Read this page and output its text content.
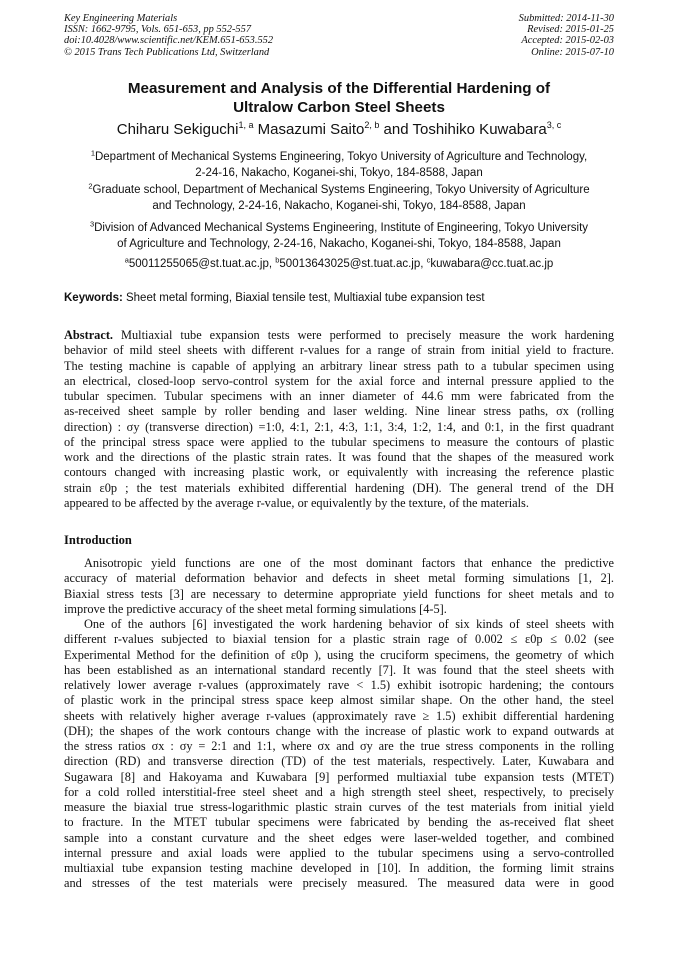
Key Engineering Materials
ISSN: 1662-9795, Vols. 651-653, pp 552-557
doi:10.4028/www.scientific.net/KEM.651-653.552
© 2015 Trans Tech Publications Ltd, Switzerland
Submitted: 2014-11-30
Revised: 2015-01-25
Accepted: 2015-02-03
Online: 2015-07-10
Measurement and Analysis of the Differential Hardening of
Ultralow Carbon Steel Sheets
Chiharu Sekiguchi$^{1, a}$ Masazumi Saito$^{2, b}$ and Toshihiko Kuwabara$^{3, c}$
$^1$Department of Mechanical Systems Engineering, Tokyo University of Agriculture and Technology,
2-24-16, Nakacho, Koganei-shi, Tokyo, 184-8588, Japan
$^2$Graduate school, Department of Mechanical Systems Engineering, Tokyo University of Agriculture
and Technology, 2-24-16, Nakacho, Koganei-shi, Tokyo, 184-8588, Japan
$^3$Division of Advanced Mechanical Systems Engineering, Institute of Engineering, Tokyo University
of Agriculture and Technology, 2-24-16, Nakacho, Koganei-shi, Tokyo, 184-8588, Japan
$^a$50011255065@st.tuat.ac.jp, $^b$50013643025@st.tuat.ac.jp, $^c$kuwabara@cc.tuat.ac.jp
Keywords: Sheet metal forming, Biaxial tensile test, Multiaxial tube expansion test
Abstract. Multiaxial tube expansion tests were performed to precisely measure the work hardening
behavior of mild steel sheets with different r-values for a range of strain from initial yield to fracture.
The testing machine is capable of applying an arbitrary linear stress path to a tubular specimen using
an electrical, closed-loop servo-control system for the axial force and internal pressure applied to the
tubular specimen. Tubular specimens with an inner diameter of 44.6 mm were fabricated from the
as-received sheet sample by roller bending and laser welding. Nine linear stress paths, σx (rolling
direction) : σy (transverse direction) =1:0, 4:1, 2:1, 4:3, 1:1, 3:4, 1:2, 1:4, and 0:1, in the first quadrant
of the principal stress space were applied to the tubular specimens to measure the contours of plastic
work and the directions of the plastic strain rates. It was found that the shapes of the measured work
contours changed with increasing plastic work, or equivalently with increasing the reference plastic
strain ε0p ; the test materials exhibited differential hardening (DH). The general trend of the DH
appeared to be affected by the average r-value, or equivalently by the texture, of the materials.
Introduction
Anisotropic yield functions are one of the most dominant factors that enhance the predictive
accuracy of material deformation behavior and defects in sheet metal forming simulations [1, 2].
Biaxial stress tests [3] are necessary to determine appropriate yield functions for sheet metals and to
improve the predictive accuracy of the sheet metal forming simulations [4-5].
One of the authors [6] investigated the work hardening behavior of six kinds of steel sheets with
different r-values subjected to biaxial tension for a plastic strain rage of 0.002 ≤ ε0p ≤ 0.02 (see
Experimental Method for the definition of ε0p ), using the cruciform specimens, the geometry of which
has been established as an international standard recently [7]. It was found that the steel sheets with
relatively lower average r-values (approximately rave < 1.5) exhibit isotropic hardening; the contours
of plastic work in the principal stress space keep almost similar shape. On the other hand, the steel
sheets with relatively higher average r-values (approximately rave ≥ 1.5) exhibit differential hardening
(DH); the shapes of the work contours change with the increase of plastic work to expand outwards at
the stress ratios σx : σy = 2:1 and 1:1, where σx and σy are the true stress components in the rolling
direction (RD) and transverse direction (TD) of the test materials, respectively. Later, Kuwabara and
Sugawara [8] and Hakoyama and Kuwabara [9] performed multiaxial tube expansion tests (MTET)
for a cold rolled interstitial-free steel sheet and a high strength steel sheet, respectively, to precisely
measure the biaxial true stress-logarithmic plastic strain curves of the test materials from initial yield
to fracture. In the MTET tubular specimens were fabricated by bending the as-received flat sheet
sample into a constant curvature and the sheet edges were laser-welded together, and combined
internal pressure and axial loads were applied to the tubular specimens using a servo-controlled
multiaxial tube expansion testing machine developed in [10]. In addition, the forming limit strains
and stresses of the test materials were precisely measured. The measured data were in good
